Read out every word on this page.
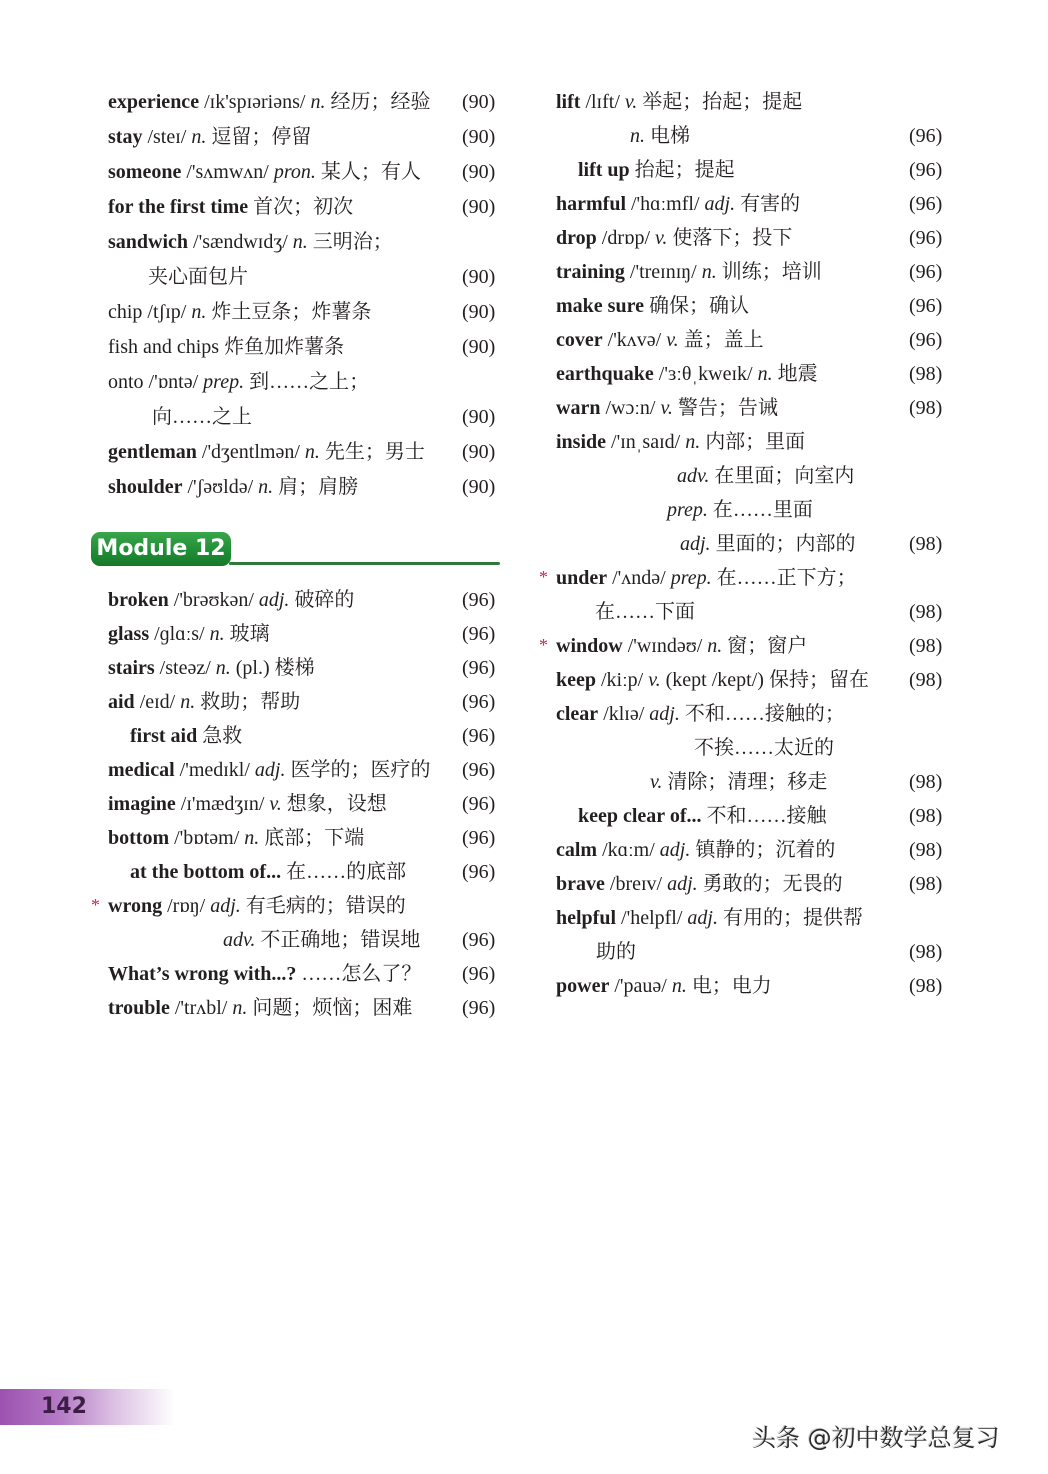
experience /ɪk'spɪəriəns/ n. 经历；经验 (90)
stay /steɪ/ n. 逗留；停留	(90)
someone /'sʌmwʌn/ pron. 某人；有人 (90)
for the first time 首次；初次	(90)
sandwich /'sændwɪdʒ/ n. 三明治；
夹心面包片	(90)
chip /tʃɪp/ n. 炸土豆条；炸薯条	(90)
fish and chips 炸鱼加炸薯条	(90)
onto /'ɒntə/ prep. 到……之上；
向……之上	(90)
gentleman /'dʒentlmən/ n. 先生；男士 (90)
shoulder /'ʃəʊldə/ n. 肩；肩膀	(90)
Module 12
broken /'brəʊkən/ adj. 破碎的	(96)
glass /ɡlɑːs/ n. 玻璃	(96)
stairs /steəz/ n. (pl.) 楼梯	(96)
aid /eɪd/ n. 救助；帮助	(96)
first aid 急救	(96)
medical /'medɪkl/ adj. 医学的；医疗的 (96)
imagine /ɪ'mædʒɪn/ v. 想象，设想	(96)
bottom /'bɒtəm/ n. 底部；下端	(96)
at the bottom of... 在……的底部	(96)
* wrong /rɒŋ/ adj. 有毛病的；错误的
adv. 不正确地；错误地 (96)
What’s wrong with...? ……怎么了？ (96)
trouble /'trʌbl/ n. 问题；烦恼；困难 (96)
lift /lɪft/ v. 举起；抬起；提起
n. 电梯	(96)
lift up 抬起；提起	(96)
harmful /'hɑːmfl/ adj. 有害的	(96)
drop /drɒp/ v. 使落下；投下	(96)
training /'treɪnɪŋ/ n. 训练；培训	(96)
make sure 确保；确认	(96)
cover /'kʌvə/ v. 盖；盖上	(96)
earthquake /'ɜːθˌkweɪk/ n. 地震	(98)
warn /wɔːn/ v. 警告；告诫	(98)
inside /'ɪnˌsaɪd/ n. 内部；里面
adv. 在里面；向室内
prep. 在……里面
adj. 里面的；内部的	(98)
* under /'ʌndə/ prep. 在……正下方；
在……下面	(98)
* window /'wɪndəʊ/ n. 窗；窗户	(98)
keep /kiːp/ v. (kept /kept/) 保持；留在 (98)
clear /klɪə/ adj. 不和……接触的；
不挨……太近的
v. 清除；清理；移走	(98)
keep clear of... 不和……接触	(98)
calm /kɑːm/ adj. 镇静的；沉着的	(98)
brave /breɪv/ adj. 勇敢的；无畏的	(98)
helpful /'helpfl/ adj. 有用的；提供帮
助的	(98)
power /'pauə/ n. 电；电力	(98)
142
头条 @初中数学总复习
